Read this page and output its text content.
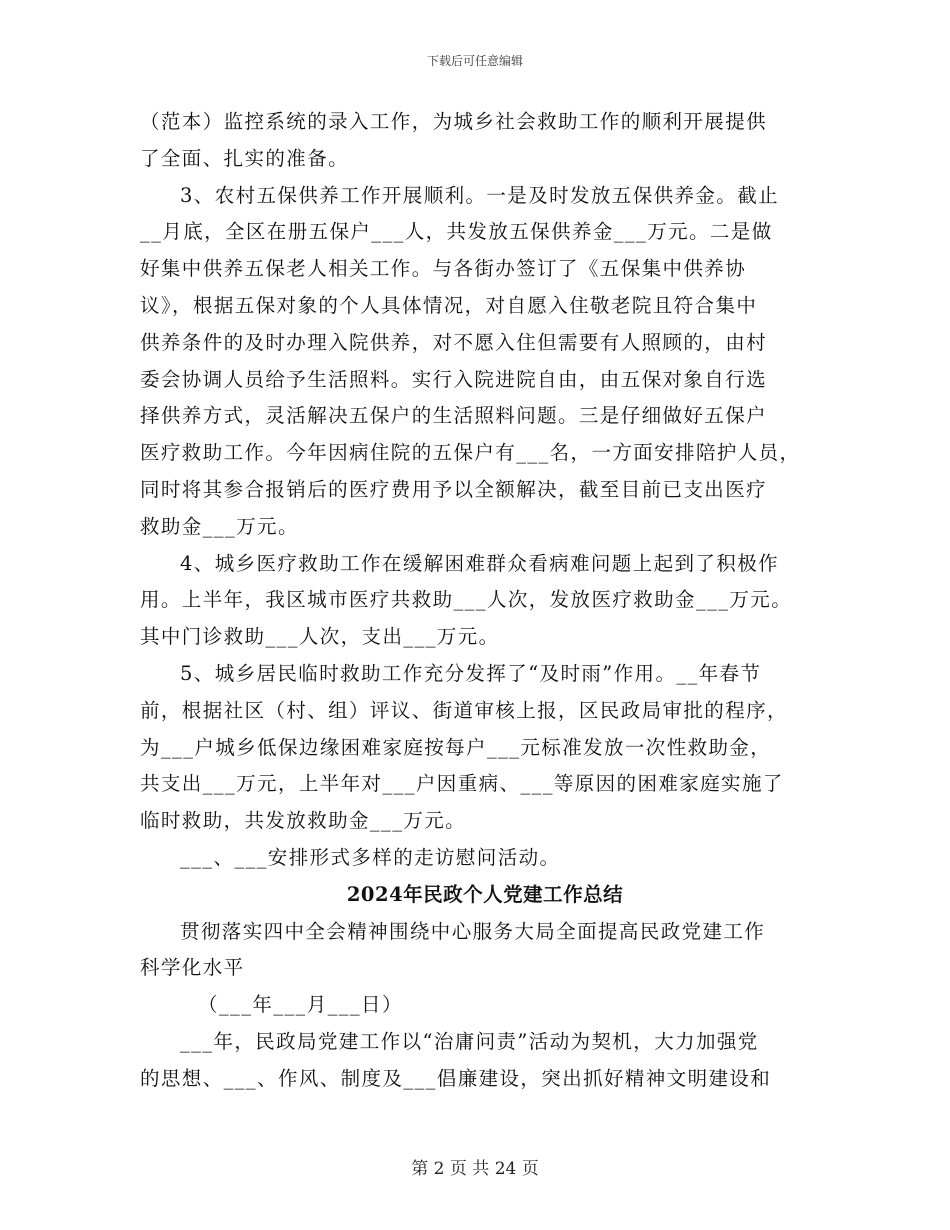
下载后可任意编辑
（范本）监控系统的录入工作，为城乡社会救助工作的顺利开展提供
了全面、扎实的准备。
3、农村五保供养工作开展顺利。一是及时发放五保供养金。截止
__月底，全区在册五保户___人，共发放五保供养金___万元。二是做
好集中供养五保老人相关工作。与各街办签订了《五保集中供养协
议》，根据五保对象的个人具体情况，对自愿入住敬老院且符合集中
供养条件的及时办理入院供养，对不愿入住但需要有人照顾的，由村
委会协调人员给予生活照料。实行入院进院自由，由五保对象自行选
择供养方式，灵活解决五保户的生活照料问题。三是仔细做好五保户
医疗救助工作。今年因病住院的五保户有___名，一方面安排陪护人员，
同时将其参合报销后的医疗费用予以全额解决，截至目前已支出医疗
救助金___万元。
4、城乡医疗救助工作在缓解困难群众看病难问题上起到了积极作
用。上半年，我区城市医疗共救助___人次，发放医疗救助金___万元。
其中门诊救助___人次，支出___万元。
5、城乡居民临时救助工作充分发挥了“及时雨”作用。__年春节
前，根据社区（村、组）评议、街道审核上报，区民政局审批的程序，
为___户城乡低保边缘困难家庭按每户___元标准发放一次性救助金，
共支出___万元，上半年对___户因重病、___等原因的困难家庭实施了
临时救助，共发放救助金___万元。
___、___安排形式多样的走访慰问活动。
2024年民政个人党建工作总结
贯彻落实四中全会精神围绕中心服务大局全面提高民政党建工作
科学化水平
（___年___月___日）
___年，民政局党建工作以“治庸问责”活动为契机，大力加强党
的思想、___、作风、制度及___倡廉建设，突出抓好精神文明建设和
第 2 页 共 24 页
